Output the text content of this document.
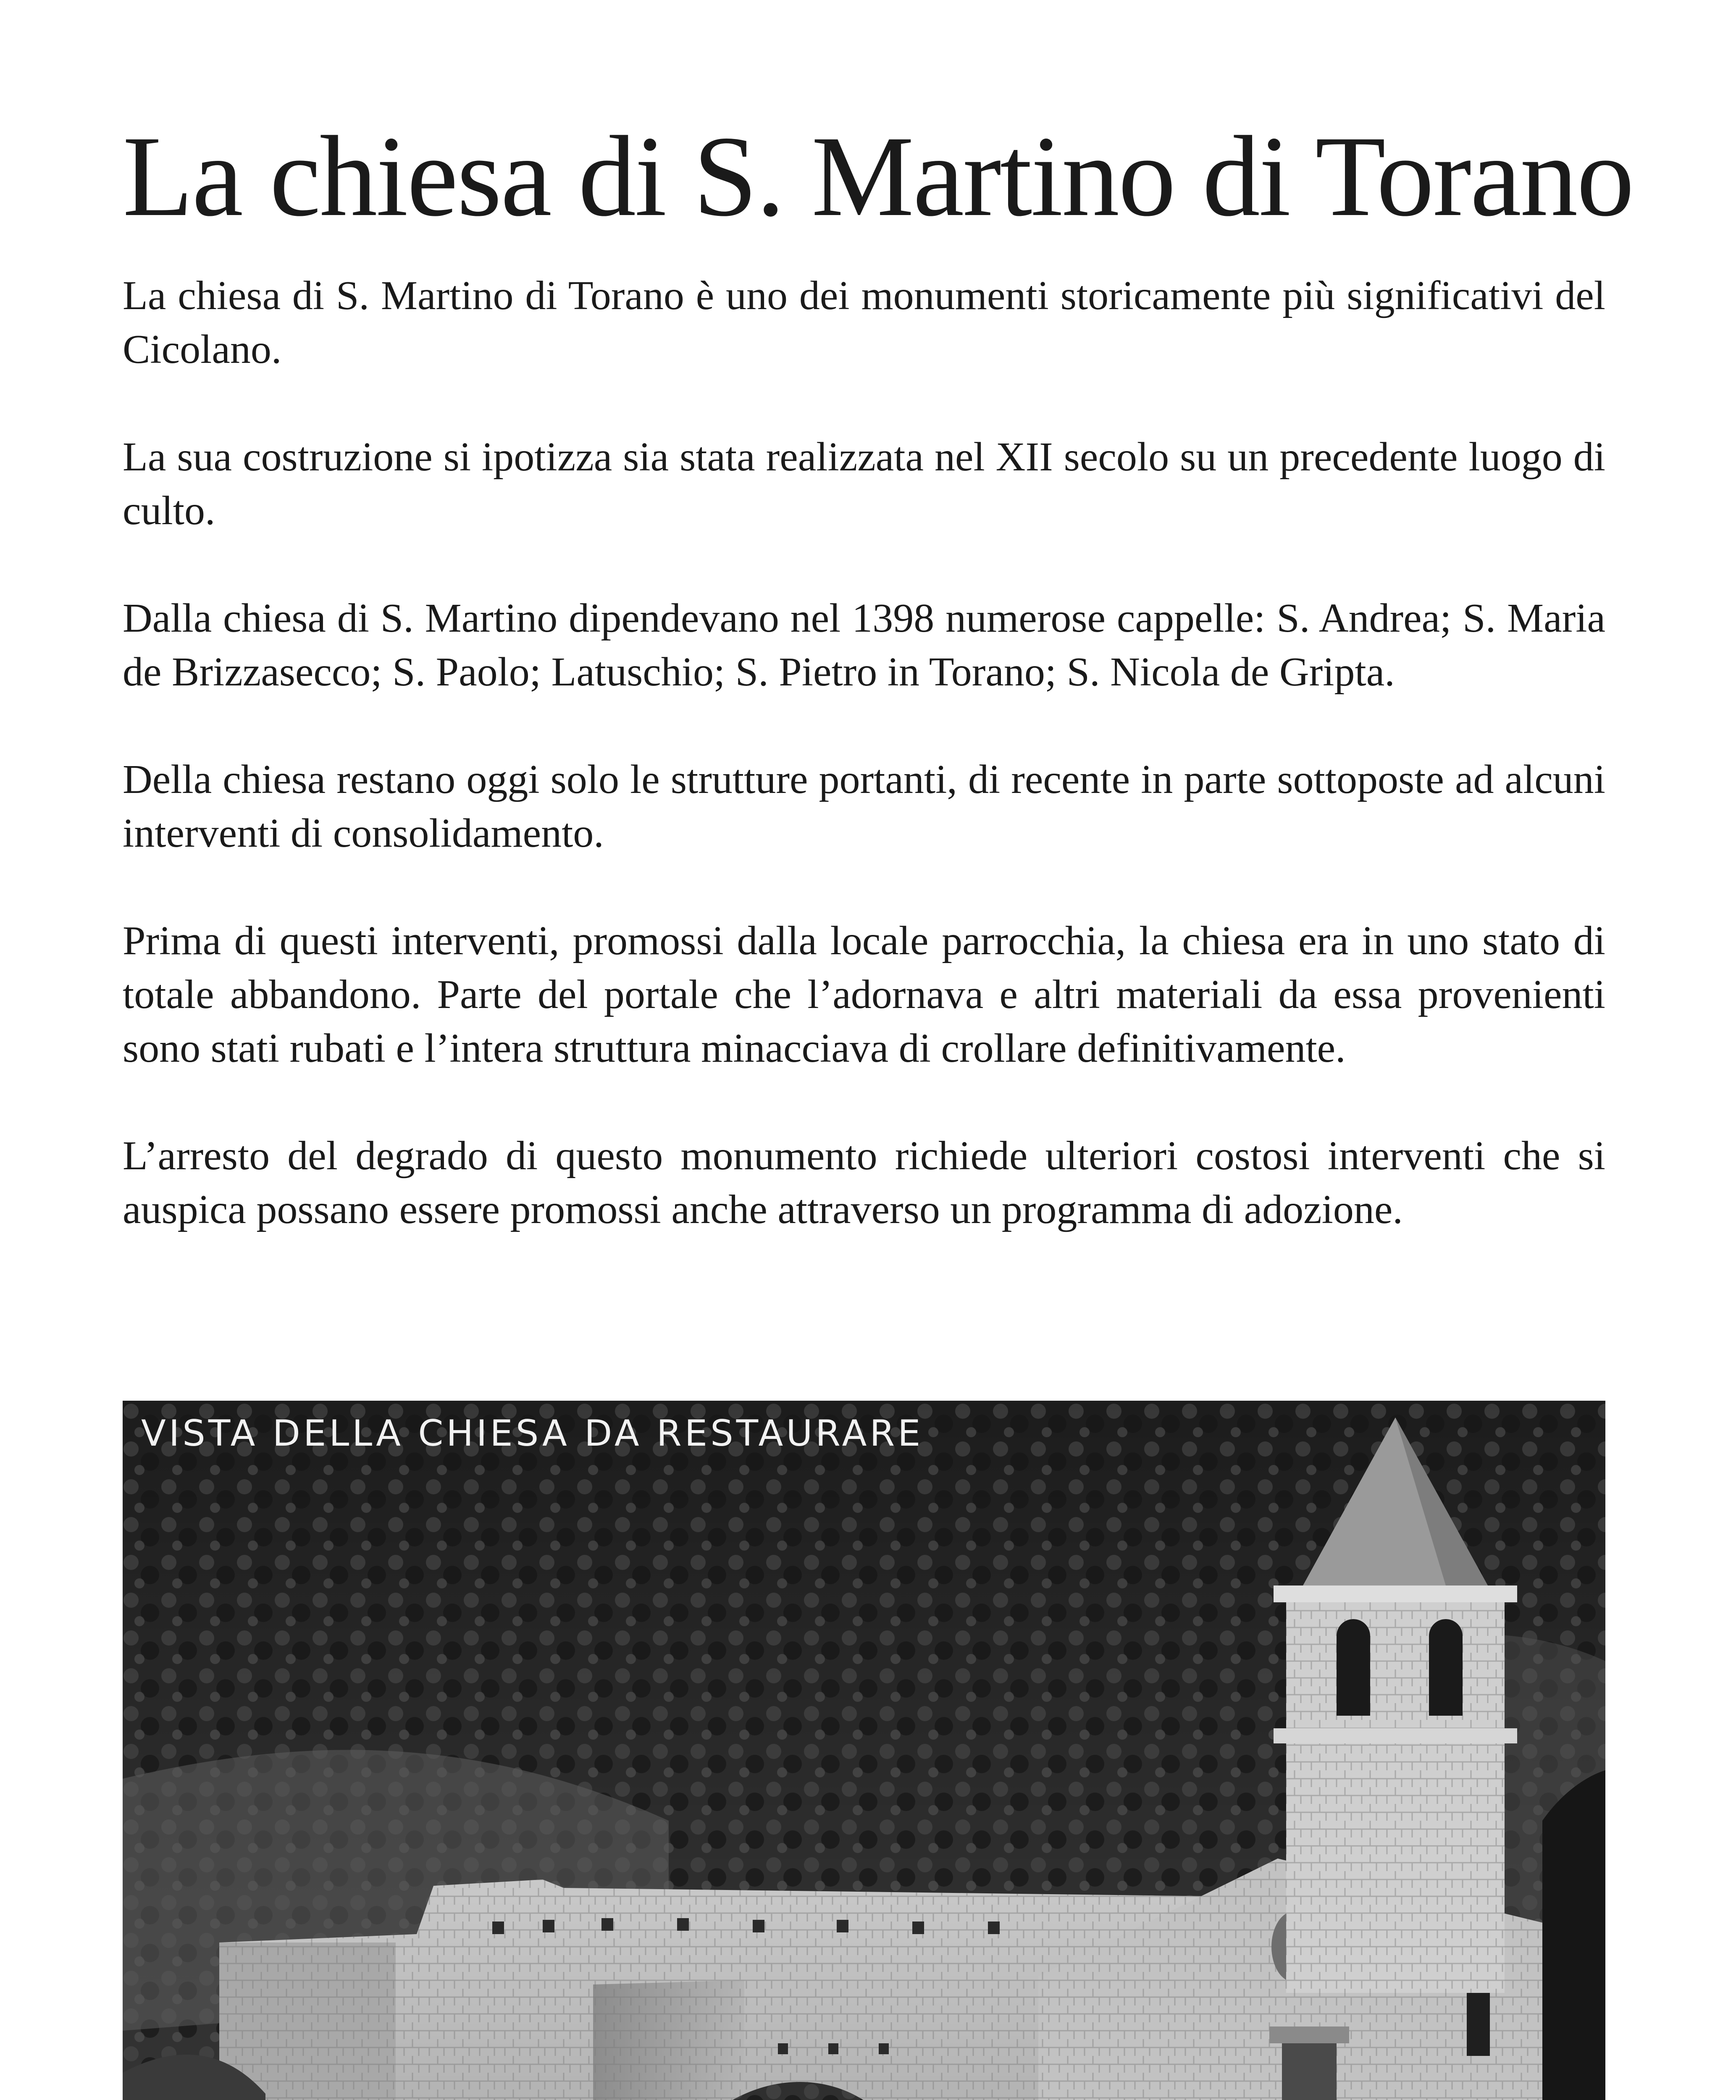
La chiesa di S. Martino di Torano

La chiesa di S. Martino di Torano è uno dei monumenti storicamente più significativi del Cicolano.

La sua costruzione si ipotizza sia stata realizzata nel XII secolo su un precedente luogo di culto.

Dalla chiesa di S. Martino dipendevano nel 1398 numerose cappelle: S. Andrea; S. Maria de Brizzasecco; S. Paolo; Latuschio; S. Pietro in Torano; S. Nicola de Gripta.

Della chiesa restano oggi solo le strutture portanti, di recente in parte sottoposte ad alcuni interventi di consolidamento.

Prima di questi interventi, promossi dalla locale parrocchia, la chiesa era in uno stato di totale abbandono. Parte del portale che l’adornava e altri materiali da essa provenienti sono stati rubati e l’intera struttura minacciava di crollare definitivamente.

L’arresto del degrado di questo monumento richiede ulteriori costosi interventi che si auspica possano essere promossi anche attraverso un programma di adozione.

VISTA DELLA CHIESA DA RESTAURARE
